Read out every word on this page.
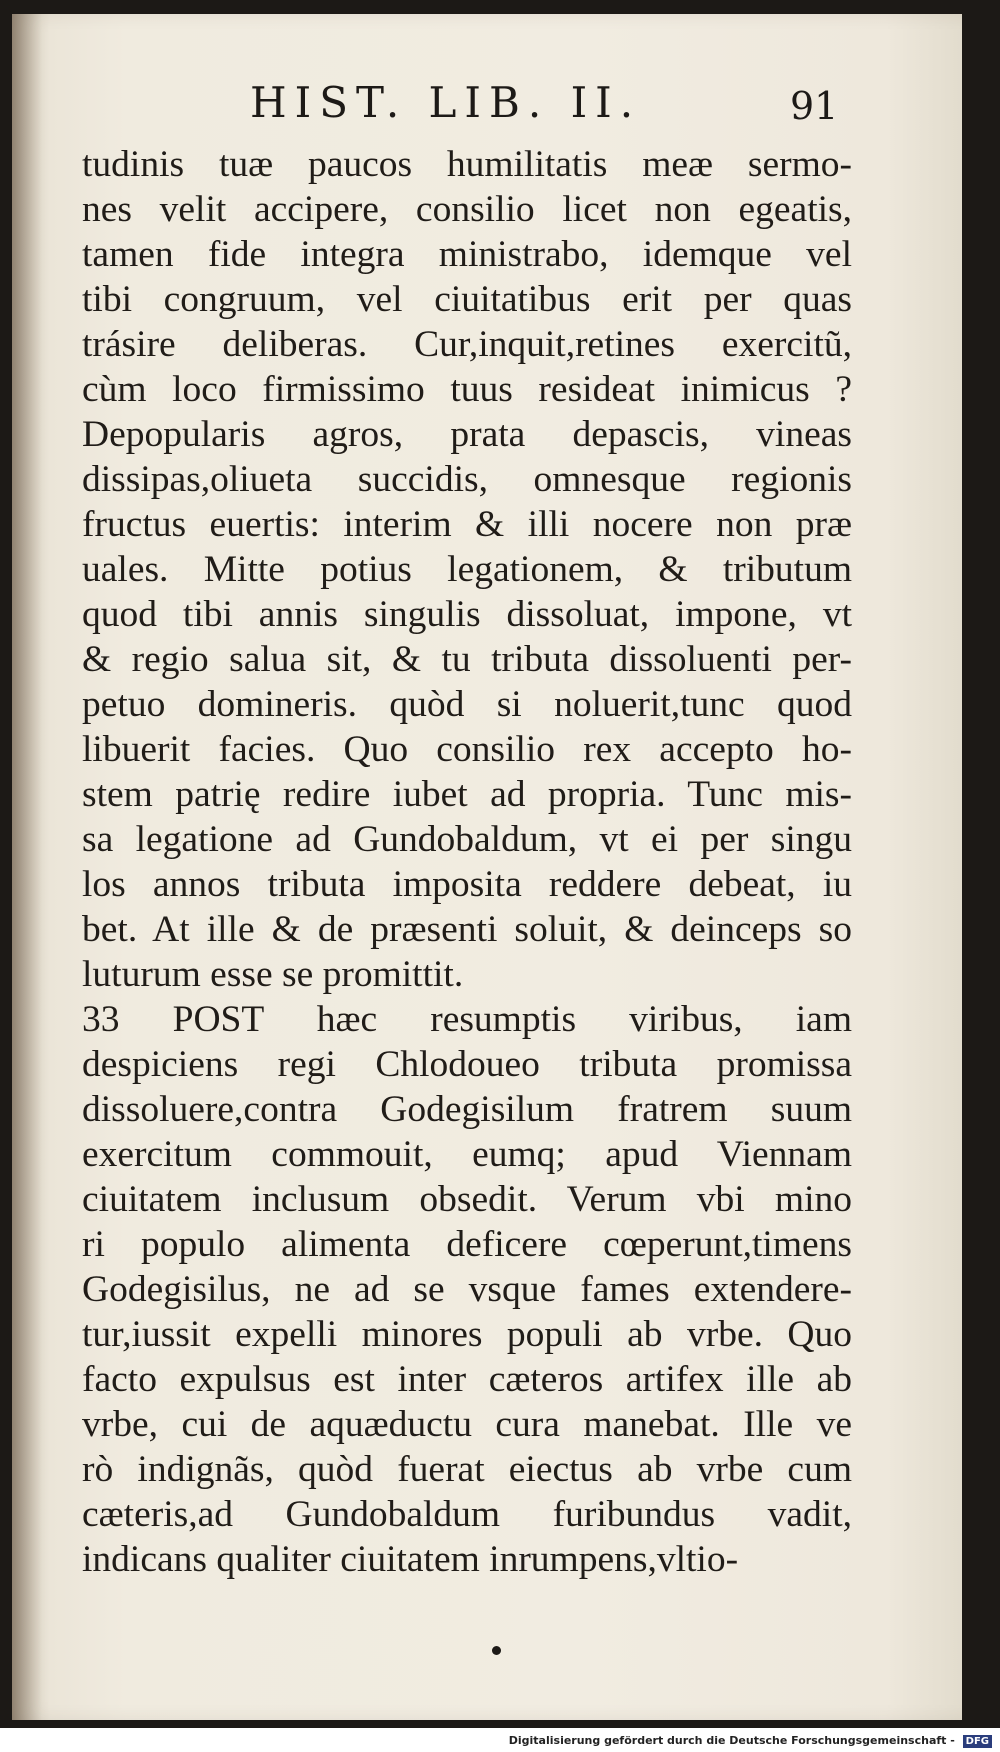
HIST. LIB. II.	91
tudinis tuæ paucos humilitatis meæ sermo-
nes velit accipere, consilio licet non egeatis,
tamen fide integra ministrabo, idemque vel
tibi congruum, vel ciuitatibus erit per quas
trásire deliberas. Cur,inquit,retines exercitũ,
cùm loco firmissimo tuus resideat inimicus ?
Depopularis agros, prata depascis, vineas
dissipas,olіueta succidis, omnesque regionis
fructus euertis: interim & illi nocere non præ
uales. Mitte potius legationem, & tributum
quod tibi annis singulis dissoluat, impone, vt
& regio salua sit, & tu tributa dissoluenti per-
petuo domineris. quòd si noluerit,tunc quod
libuerit facies. Quo consilio rex accepto ho-
stem patrię redire iubet ad propria. Tunc mis-
sa legatione ad Gundobaldum, vt ei per singu
los annos tributa imposita reddere debeat, iu
bet. At ille & de præsenti soluit, & deinceps so
luturum esse se promittit.
33 POST hæc resumptis viribus, iam
despiciens regi Chlodoueo tributa promissa
dissoluere,contra Godegisilum fratrem suum
exercitum commouit, eumq; apud Viennam
ciuitatem inclusum obsedit. Verum vbi mino
ri populo alimenta deficere cœperunt,timens
Godegisilus, ne ad se vsque fames extendere-
tur,iussit expelli minores populi ab vrbe. Quo
facto expulsus est inter cæteros artifex ille ab
vrbe, cui de aquæductu cura manebat. Ille ve
rò indignãs, quòd fuerat eiectus ab vrbe cum
cæteris,ad Gundobaldum furibundus vadit,
indicans qualiter ciuitatem inrumpens,vltio-
Digitalisierung gefördert durch die Deutsche Forschungsgemeinschaft - DFG
